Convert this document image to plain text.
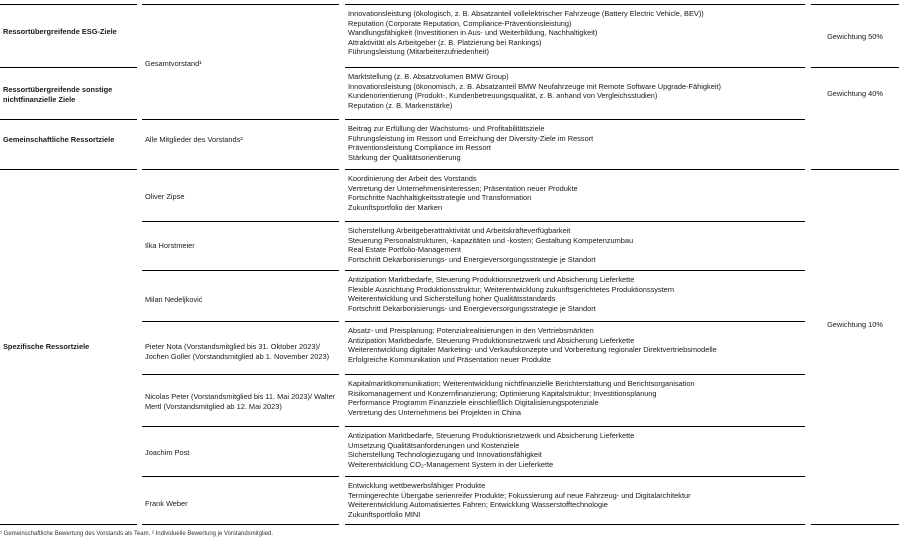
Ressortübergreifende ESG-Ziele
Innovationsleistung (ökologisch, z. B. Absatzanteil vollelektrischer Fahrzeuge (Battery Electric Vehicle, BEV))
Reputation (Corporate Reputation, Compliance-Präventionsleistung)
Wandlungsfähigkeit (Investitionen in Aus- und Weiterbildung, Nachhaltigkeit)
Attraktivität als Arbeitgeber (z. B. Platzierung bei Rankings)
Führungsleistung (Mitarbeiterzufriedenheit)
Gewichtung 50%
Gesamtvorstand¹
Ressortübergreifende sonstige nichtfinanzielle Ziele
Marktstellung (z. B. Absatzvolumen BMW Group)
Innovationsleistung (ökonomisch, z. B. Absatzanteil BMW Neufahrzeuge mit Remote Software Upgrade-Fähigkeit)
Kundenorientierung (Produkt-, Kundenbetreuungsqualität, z. B. anhand von Vergleichsstudien)
Reputation (z. B. Markenstärke)
Gewichtung 40%
Gemeinschaftliche Ressortziele	Alle Mitglieder des Vorstands²
Beitrag zur Erfüllung der Wachstums- und Profitabilitätsziele
Führungsleistung im Ressort und Erreichung der Diversity-Ziele im Ressort
Präventionsleistung Compliance im Ressort
Stärkung der Qualitätsorientierung
Spezifische Ressortziele
Gewichtung 10%
Oliver Zipse
Koordinierung der Arbeit des Vorstands
Vertretung der Unternehmensinteressen; Präsentation neuer Produkte
Fortschritte Nachhaltigkeitsstrategie und Transformation
Zukunftsportfolio der Marken
Ilka Horstmeier
Sicherstellung Arbeitgeberattraktivität und Arbeitskräfteverfügbarkeit
Steuerung Personalstrukturen, -kapazitäten und -kosten; Gestaltung Kompetenzumbau
Real Estate Portfolio-Management
Fortschritt Dekarbonisierungs- und Energieversorgungsstrategie je Standort
Milan Nedeljković
Antizipation Marktbedarfe, Steuerung Produktionsnetzwerk und Absicherung Lieferkette
Flexible Ausrichtung Produktionsstruktur; Weiterentwicklung zukunftsgerichtetes Produktionssystem
Weiterentwicklung und Sicherstellung hoher Qualitätsstandards
Fortschritt Dekarbonisierungs- und Energieversorgungsstrategie je Standort
Pieter Nota (Vorstandsmitglied bis 31. Oktober 2023)/ Jochen Goller (Vorstandsmitglied ab 1. November 2023)
Absatz- und Preisplanung; Potenzialrealisierungen in den Vertriebsmärkten
Antizipation Marktbedarfe, Steuerung Produktionsnetzwerk und Absicherung Lieferkette
Weiterentwicklung digitaler Marketing- und Verkaufskonzepte und Vorbereitung regionaler Direktvertriebsmodelle
Erfolgreiche Kommunikation und Präsentation neuer Produkte
Nicolas Peter (Vorstandsmitglied bis 11. Mai 2023)/ Walter Mertl (Vorstandsmitglied ab 12. Mai 2023)
Kapitalmarktkommunikation; Weiterentwicklung nichtfinanzielle Berichterstattung und Berichtsorganisation
Risikomanagement und Konzernfinanzierung; Optimierung Kapitalstruktur; Investitionsplanung
Performance Programm Finanzziele einschließlich Digitalisierungspotenziale
Vertretung des Unternehmens bei Projekten in China
Joachim Post
Antizipation Marktbedarfe, Steuerung Produktionsnetzwerk und Absicherung Lieferkette
Umsetzung Qualitätsanforderungen und Kostenziele
Sicherstellung Technologiezugang und Innovationsfähigkeit
Weiterentwicklung CO₂-Management System in der Lieferkette
Frank Weber
Entwicklung wettbewerbsfähiger Produkte
Termingerechte Übergabe serienreifer Produkte; Fokussierung auf neue Fahrzeug- und Digitalarchitektur
Weiterentwicklung Automatisiertes Fahren; Entwicklung Wasserstofftechnologie
Zukunftsportfolio MINI
¹ Gemeinschaftliche Bewertung des Vorstands als Team. ² Individuelle Bewertung je Vorstandsmitglied.
